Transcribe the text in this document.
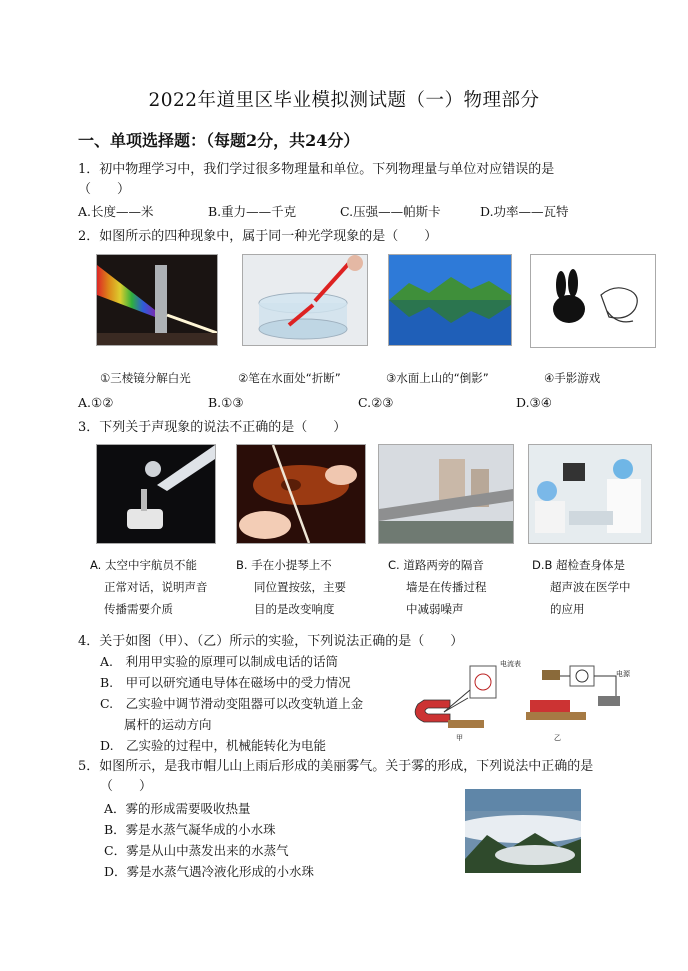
2022年道里区毕业模拟测试题（一）物理部分
一、单项选择题：（每题2分，共24分）
1．初中物理学习中，我们学过很多物理量和单位。下列物理量与单位对应错误的是
（　　）
A.长度——米	B.重力——千克	C.压强——帕斯卡	D.功率——瓦特
2．如图所示的四种现象中，属于同一种光学现象的是（　　）
①三棱镜分解白光	②笔在水面处“折断”	③水面上山的“倒影”	④手影游戏
A.①②	B.①③	C.②③	D.③④
3．下列关于声现象的说法不正确的是（　　）
A. 太空中宇航员不能
正常对话，说明声音
传播需要介质
B. 手在小提琴上不
同位置按弦，主要
目的是改变响度
C. 道路两旁的隔音
墙是在传播过程
中减弱噪声
D.B 超检查身体是
超声波在医学中
的应用
4．关于如图（甲）、（乙）所示的实验，下列说法正确的是（　　）
A.　利用甲实验的原理可以制成电话的话筒
B.　甲可以研究通电导体在磁场中的受力情况
C.　乙实验中调节滑动变阻器可以改变轨道上金
属杆的运动方向
D.　乙实验的过程中，机械能转化为电能
电流表
甲
电源
乙
5．如图所示，是我市帽儿山上雨后形成的美丽雾气。关于雾的形成，下列说法中正确的是
（　　）
A．雾的形成需要吸收热量
B．雾是水蒸气凝华成的小水珠
C．雾是从山中蒸发出来的水蒸气
D．雾是水蒸气遇冷液化形成的小水珠
